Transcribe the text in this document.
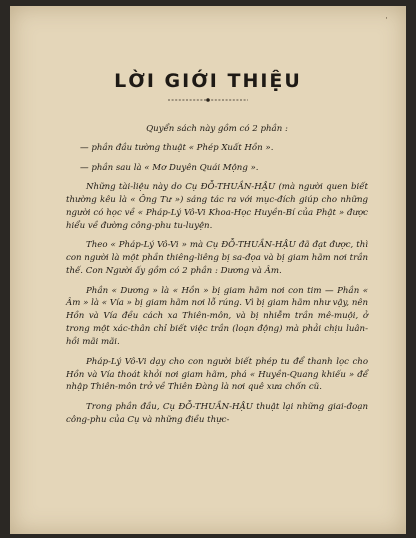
·
LỜI GIỚI THIỆU

Quyển sách này gồm có 2 phần :

— phần đầu tường thuật « Phép Xuất Hồn ».

— phần sau là « Mơ Duyên Quái Mộng ».

Những tài-liệu này do Cụ ĐỖ-THUẦN-HẬU (mà người quen biết thường kêu là « Ông Tư ») sáng tác ra với mục-đích giúp cho những người có học về « Pháp-Lý Vô-Vi Khoa-Học Huyền-Bí của Phật » được hiểu về đường công-phu tu-luyện.

Theo « Pháp-Lý Vô-Vi » mà Cụ ĐỖ-THUẦN-HẬU đã đạt được, thì con người là một phần thiêng-liêng bị sa-đọa và bị giam hãm nơi trần thế. Con Người ấy gồm có 2 phần : Dương và Âm.

Phần « Dương » là « Hồn » bị giam hãm nơi con tim — Phần « Âm » là « Vía » bị giam hãm nơi lỗ rúng. Vì bị giam hãm như vậy, nên Hồn và Vía đều cách xa Thiên-môn, và bị nhiễm trần mê-muội, ở trong một xác-thân chỉ biết việc trần (loạn động) mà phải chịu luân-hồi mãi mãi.

Pháp-Lý Vô-Vi dạy cho con người biết phép tu để thanh lọc cho Hồn và Vía thoát khỏi nơi giam hãm, phá « Huyền-Quang khiếu » để nhập Thiên-môn trở về Thiên Đàng là nơi quê xưa chốn cũ.

Trong phần đầu, Cụ ĐỖ-THUẦN-HẬU thuật lại những giai-đoạn công-phu của Cụ và những điều thực-
